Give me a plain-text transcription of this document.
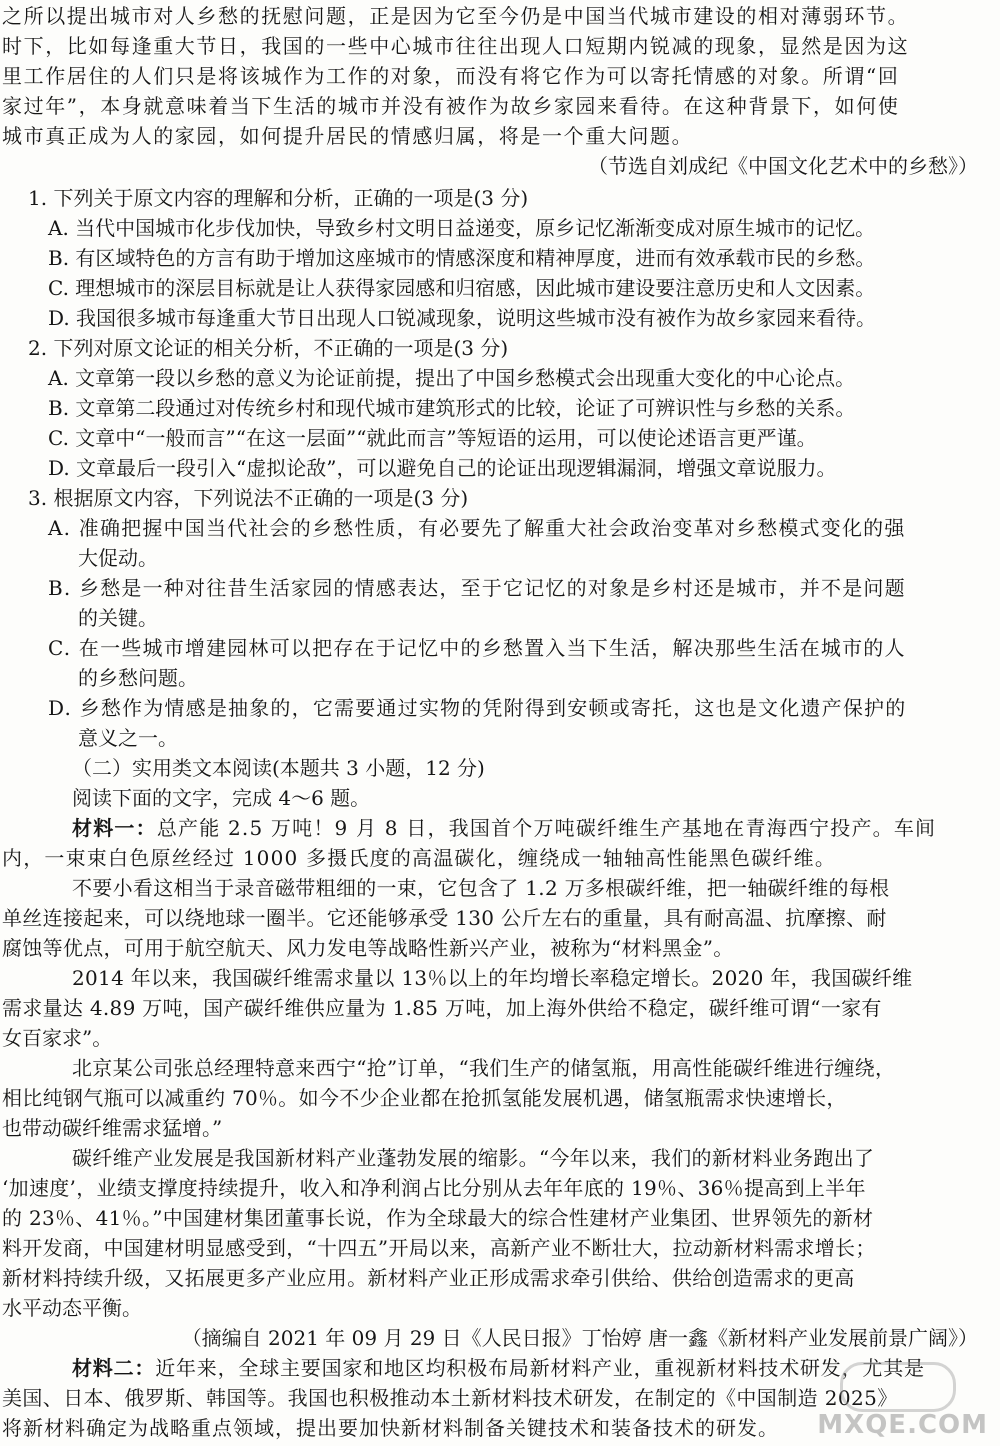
之所以提出城市对人乡愁的抚慰问题，正是因为它至今仍是中国当代城市建设的相对薄弱环节。
时下，比如每逢重大节日，我国的一些中心城市往往出现人口短期内锐减的现象，显然是因为这
里工作居住的人们只是将该城作为工作的对象，而没有将它作为可以寄托情感的对象。所谓“回
家过年”，本身就意味着当下生活的城市并没有被作为故乡家园来看待。在这种背景下，如何使
城市真正成为人的家园，如何提升居民的情感归属，将是一个重大问题。
（节选自刘成纪《中国文化艺术中的乡愁》）
1. 下列关于原文内容的理解和分析，正确的一项是(3 分)
A. 当代中国城市化步伐加快，导致乡村文明日益递变，原乡记忆渐渐变成对原生城市的记忆。
B. 有区域特色的方言有助于增加这座城市的情感深度和精神厚度，进而有效承载市民的乡愁。
C. 理想城市的深层目标就是让人获得家园感和归宿感，因此城市建设要注意历史和人文因素。
D. 我国很多城市每逢重大节日出现人口锐减现象，说明这些城市没有被作为故乡家园来看待。
2. 下列对原文论证的相关分析，不正确的一项是(3 分)
A. 文章第一段以乡愁的意义为论证前提，提出了中国乡愁模式会出现重大变化的中心论点。
B. 文章第二段通过对传统乡村和现代城市建筑形式的比较，论证了可辨识性与乡愁的关系。
C. 文章中“一般而言”“在这一层面”“就此而言”等短语的运用，可以使论述语言更严谨。
D. 文章最后一段引入“虚拟论敌”，可以避免自己的论证出现逻辑漏洞，增强文章说服力。
3. 根据原文内容，下列说法不正确的一项是(3 分)
A. 准确把握中国当代社会的乡愁性质，有必要先了解重大社会政治变革对乡愁模式变化的强
大促动。
B. 乡愁是一种对往昔生活家园的情感表达，至于它记忆的对象是乡村还是城市，并不是问题
的关键。
C. 在一些城市增建园林可以把存在于记忆中的乡愁置入当下生活，解决那些生活在城市的人
的乡愁问题。
D. 乡愁作为情感是抽象的，它需要通过实物的凭附得到安顿或寄托，这也是文化遗产保护的
意义之一。
（二）实用类文本阅读(本题共 3 小题，12 分)
阅读下面的文字，完成 4～6 题。
材料一：总产能 2.5 万吨！9 月 8 日，我国首个万吨碳纤维生产基地在青海西宁投产。车间
内，一束束白色原丝经过 1000 多摄氏度的高温碳化，缠绕成一轴轴高性能黑色碳纤维。
不要小看这相当于录音磁带粗细的一束，它包含了 1.2 万多根碳纤维，把一轴碳纤维的每根
单丝连接起来，可以绕地球一圈半。它还能够承受 130 公斤左右的重量，具有耐高温、抗摩擦、耐
腐蚀等优点，可用于航空航天、风力发电等战略性新兴产业，被称为“材料黑金”。
2014 年以来，我国碳纤维需求量以 13％以上的年均增长率稳定增长。2020 年，我国碳纤维
需求量达 4.89 万吨，国产碳纤维供应量为 1.85 万吨，加上海外供给不稳定，碳纤维可谓“一家有
女百家求”。
北京某公司张总经理特意来西宁“抢”订单，“我们生产的储氢瓶，用高性能碳纤维进行缠绕，
相比纯钢气瓶可以减重约 70％。如今不少企业都在抢抓氢能发展机遇，储氢瓶需求快速增长，
也带动碳纤维需求猛增。”
碳纤维产业发展是我国新材料产业蓬勃发展的缩影。“今年以来，我们的新材料业务跑出了
‘加速度’，业绩支撑度持续提升，收入和净利润占比分别从去年年底的 19％、36％提高到上半年
的 23％、41％。”中国建材集团董事长说，作为全球最大的综合性建材产业集团、世界领先的新材
料开发商，中国建材明显感受到，“十四五”开局以来，高新产业不断壮大，拉动新材料需求增长；
新材料持续升级，又拓展更多产业应用。新材料产业正形成需求牵引供给、供给创造需求的更高
水平动态平衡。
（摘编自 2021 年 09 月 29 日《人民日报》丁怡婷 唐一鑫《新材料产业发展前景广阔》）
材料二：近年来，全球主要国家和地区均积极布局新材料产业，重视新材料技术研发，尤其是
美国、日本、俄罗斯、韩国等。我国也积极推动本土新材料技术研发，在制定的《中国制造 2025》
将新材料确定为战略重点领域，提出要加快新材料制备关键技术和装备技术的研发。 MXQE.COM
